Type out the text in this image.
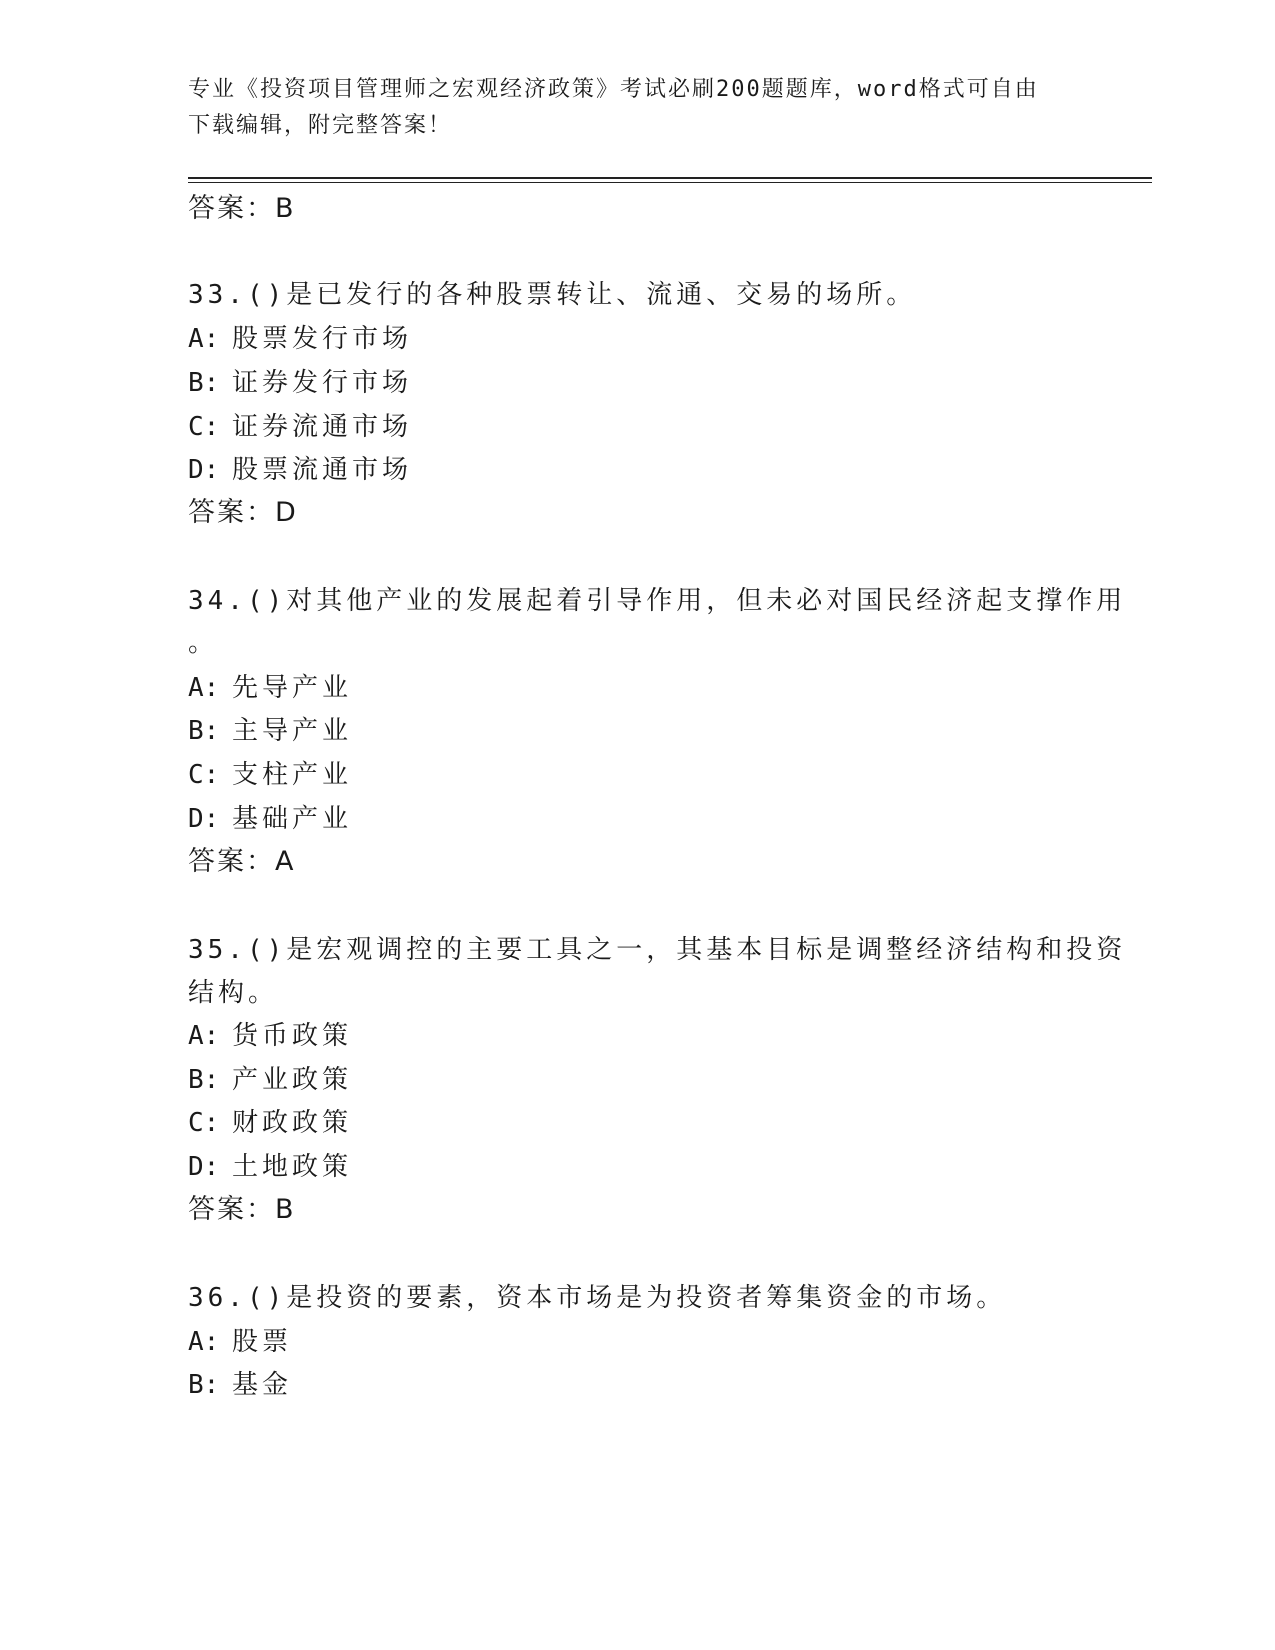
专业《投资项目管理师之宏观经济政策》考试必刷200题题库，word格式可自由
下载编辑，附完整答案！
答案：B
33.()是已发行的各种股票转让、流通、交易的场所。
A: 股票发行市场
B: 证券发行市场
C: 证券流通市场
D: 股票流通市场
答案：D
34.()对其他产业的发展起着引导作用，但未必对国民经济起支撑作用
。
A: 先导产业
B: 主导产业
C: 支柱产业
D: 基础产业
答案：A
35.()是宏观调控的主要工具之一，其基本目标是调整经济结构和投资
结构。
A: 货币政策
B: 产业政策
C: 财政政策
D: 土地政策
答案：B
36.()是投资的要素，资本市场是为投资者筹集资金的市场。
A: 股票
B: 基金
